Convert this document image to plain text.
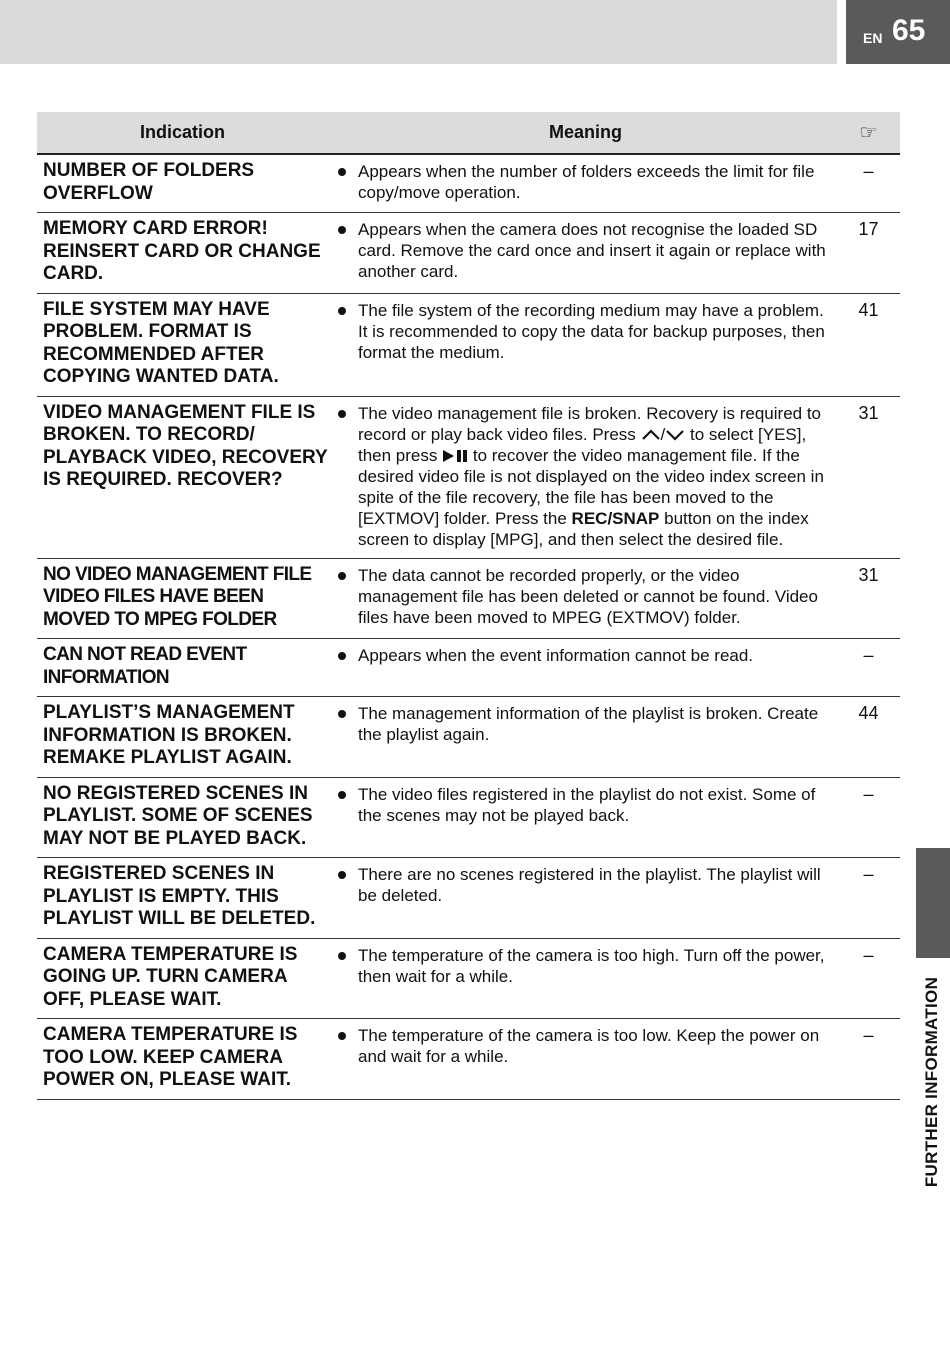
EN 65
FURTHER INFORMATION
Indication	Meaning	☞
NUMBER OF FOLDERS OVERFLOW	Appears when the number of folders exceeds the limit for file copy/move operation.	–
MEMORY CARD ERROR! REINSERT CARD OR CHANGE CARD.	Appears when the camera does not recognise the loaded SD card. Remove the card once and insert it again or replace with another card.	17
FILE SYSTEM MAY HAVE PROBLEM. FORMAT IS RECOMMENDED AFTER COPYING WANTED DATA.	The file system of the recording medium may have a problem. It is recommended to copy the data for backup purposes, then format the medium.	41
VIDEO MANAGEMENT FILE IS BROKEN. TO RECORD/ PLAYBACK VIDEO, RECOVERY IS REQUIRED. RECOVER?	The video management file is broken. Recovery is required to record or play back video files. Press / to select [YES], then press to recover the video management file. If the desired video file is not displayed on the video index screen in spite of the file recovery, the file has been moved to the [EXTMOV] folder. Press the REC/SNAP button on the index screen to display [MPG], and then select the desired file.	31
NO VIDEO MANAGEMENT FILE VIDEO FILES HAVE BEEN MOVED TO MPEG FOLDER	The data cannot be recorded properly, or the video management file has been deleted or cannot be found. Video files have been moved to MPEG (EXTMOV) folder.	31
CAN NOT READ EVENT INFORMATION	Appears when the event information cannot be read.	–
PLAYLIST’S MANAGEMENT INFORMATION IS BROKEN. REMAKE PLAYLIST AGAIN.	The management information of the playlist is broken. Create the playlist again.	44
NO REGISTERED SCENES IN PLAYLIST. SOME OF SCENES MAY NOT BE PLAYED BACK.	The video files registered in the playlist do not exist. Some of the scenes may not be played back.	–
REGISTERED SCENES IN PLAYLIST IS EMPTY. THIS PLAYLIST WILL BE DELETED.	There are no scenes registered in the playlist. The playlist will be deleted.	–
CAMERA TEMPERATURE IS GOING UP. TURN CAMERA OFF, PLEASE WAIT.	The temperature of the camera is too high. Turn off the power, then wait for a while.	–
CAMERA TEMPERATURE IS TOO LOW. KEEP CAMERA POWER ON, PLEASE WAIT.	The temperature of the camera is too low. Keep the power on and wait for a while.	–
